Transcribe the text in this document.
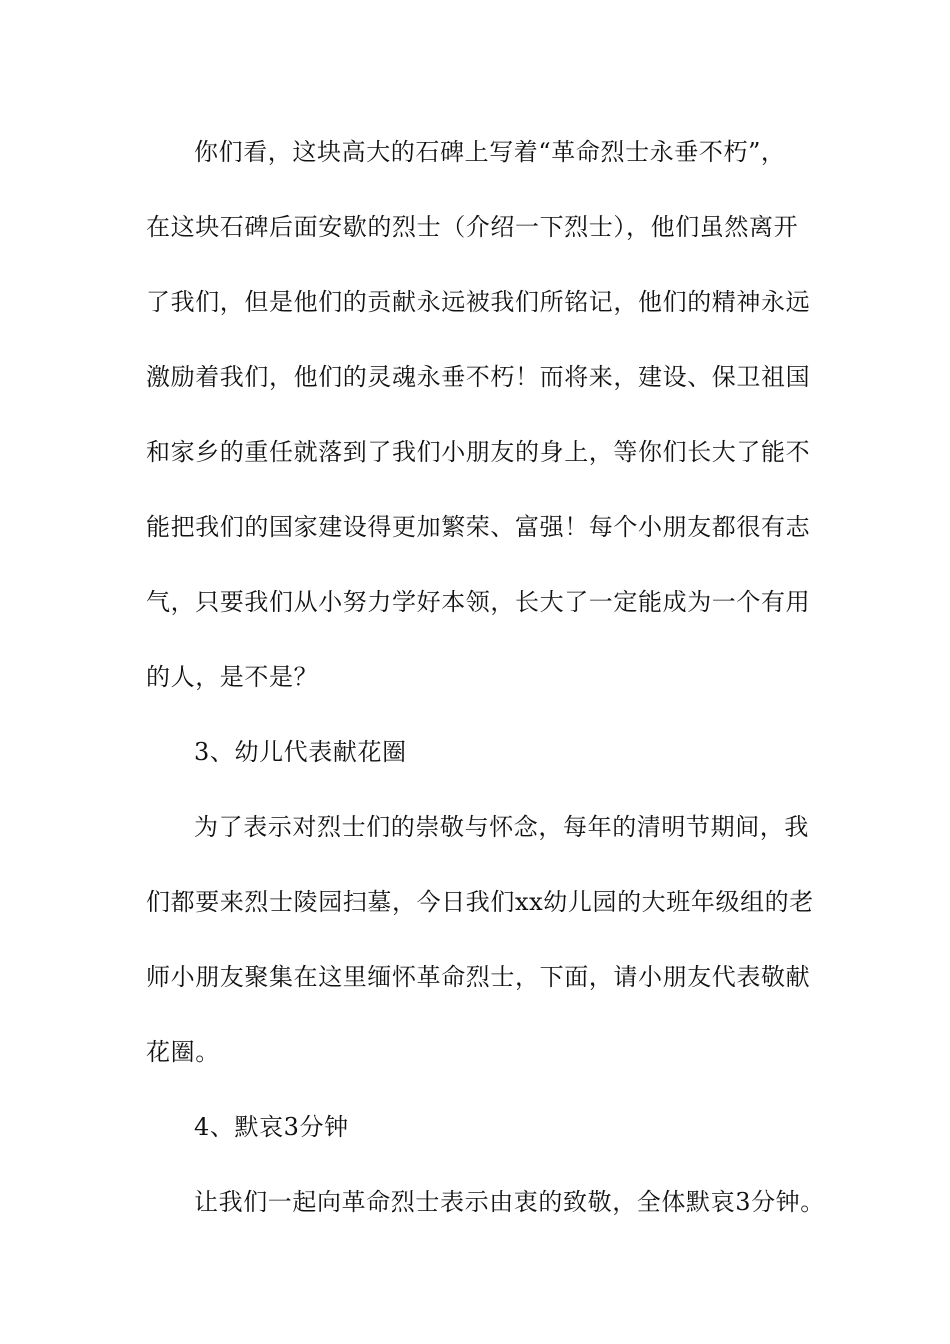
你们看，这块高大的石碑上写着“革命烈士永垂不朽”，
在这块石碑后面安歇的烈士（介绍一下烈士），他们虽然离开
了我们，但是他们的贡献永远被我们所铭记，他们的精神永远
激励着我们，他们的灵魂永垂不朽！而将来，建设、保卫祖国
和家乡的重任就落到了我们小朋友的身上，等你们长大了能不
能把我们的国家建设得更加繁荣、富强！每个小朋友都很有志
气，只要我们从小努力学好本领，长大了一定能成为一个有用
的人，是不是？
3、幼儿代表献花圈
为了表示对烈士们的崇敬与怀念，每年的清明节期间，我
们都要来烈士陵园扫墓，今日我们xx幼儿园的大班年级组的老
师小朋友聚集在这里缅怀革命烈士，下面，请小朋友代表敬献
花圈。
4、默哀3分钟
让我们一起向革命烈士表示由衷的致敬，全体默哀3分钟。
